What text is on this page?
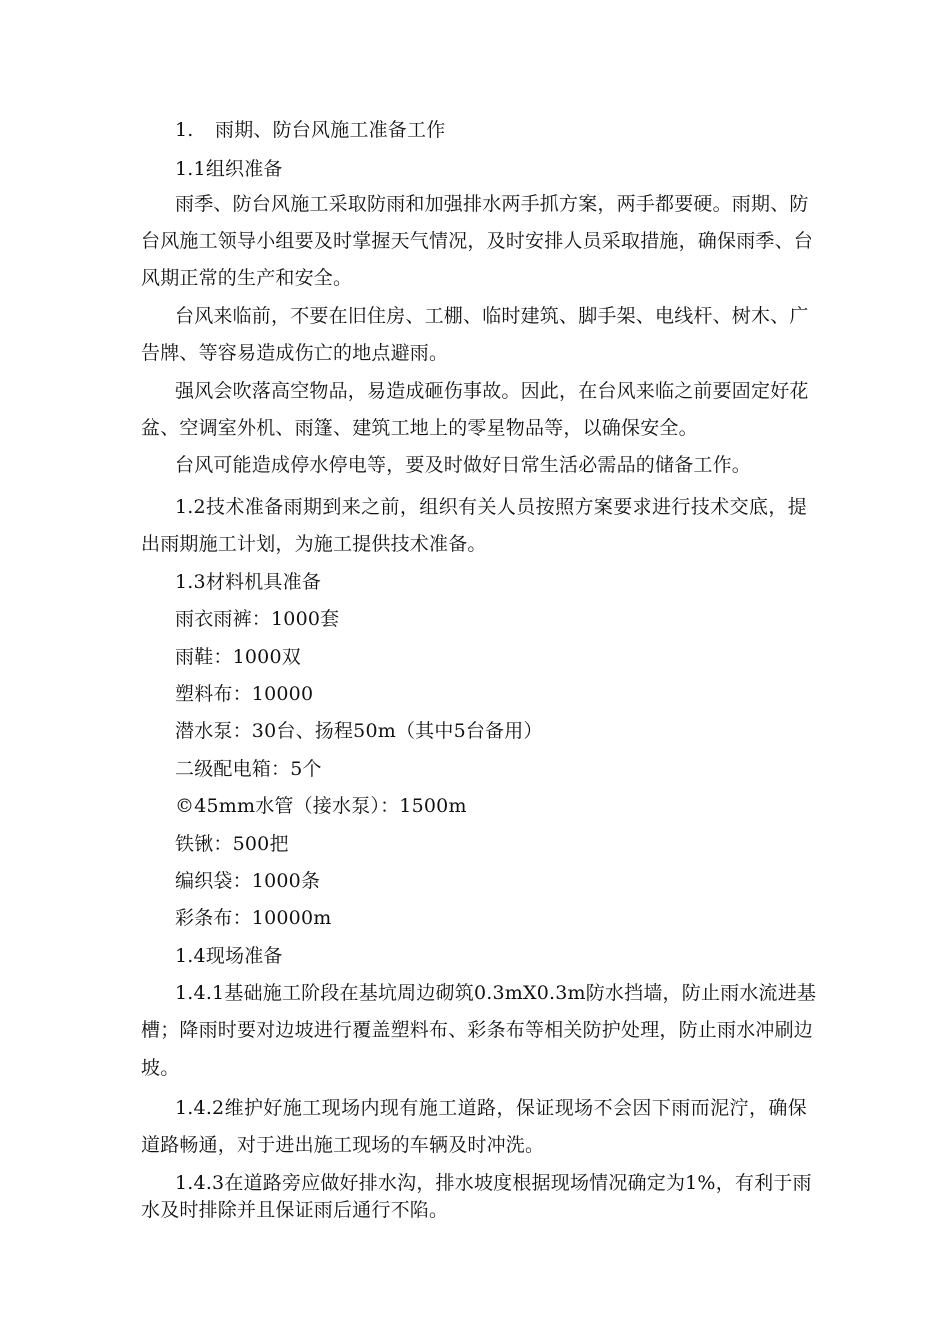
1. 雨期、防台风施工准备工作
1.1组织准备
雨季、防台风施工采取防雨和加强排水两手抓方案，两手都要硬。雨期、防
台风施工领导小组要及时掌握天气情况，及时安排人员采取措施，确保雨季、台
风期正常的生产和安全。
台风来临前，不要在旧住房、工棚、临时建筑、脚手架、电线杆、树木、广
告牌、等容易造成伤亡的地点避雨。
强风会吹落高空物品，易造成砸伤事故。因此，在台风来临之前要固定好花
盆、空调室外机、雨篷、建筑工地上的零星物品等，以确保安全。
台风可能造成停水停电等，要及时做好日常生活必需品的储备工作。
1.2技术准备雨期到来之前，组织有关人员按照方案要求进行技术交底，提
出雨期施工计划，为施工提供技术准备。
1.3材料机具准备
雨衣雨裤：1000套
雨鞋：1000双
塑料布：10000
潜水泵：30台、扬程50m（其中5台备用）
二级配电箱：5个
©45mm水管（接水泵）：1500m
铁锹：500把
编织袋：1000条
彩条布：10000m
1.4现场准备
1.4.1基础施工阶段在基坑周边砌筑0.3mX0.3m防水挡墙，防止雨水流进基
槽；降雨时要对边坡进行覆盖塑料布、彩条布等相关防护处理，防止雨水冲刷边
坡。
1.4.2维护好施工现场内现有施工道路，保证现场不会因下雨而泥泞，确保
道路畅通，对于进出施工现场的车辆及时冲洗。
1.4.3在道路旁应做好排水沟，排水坡度根据现场情况确定为1%，有利于雨
水及时排除并且保证雨后通行不陷。
